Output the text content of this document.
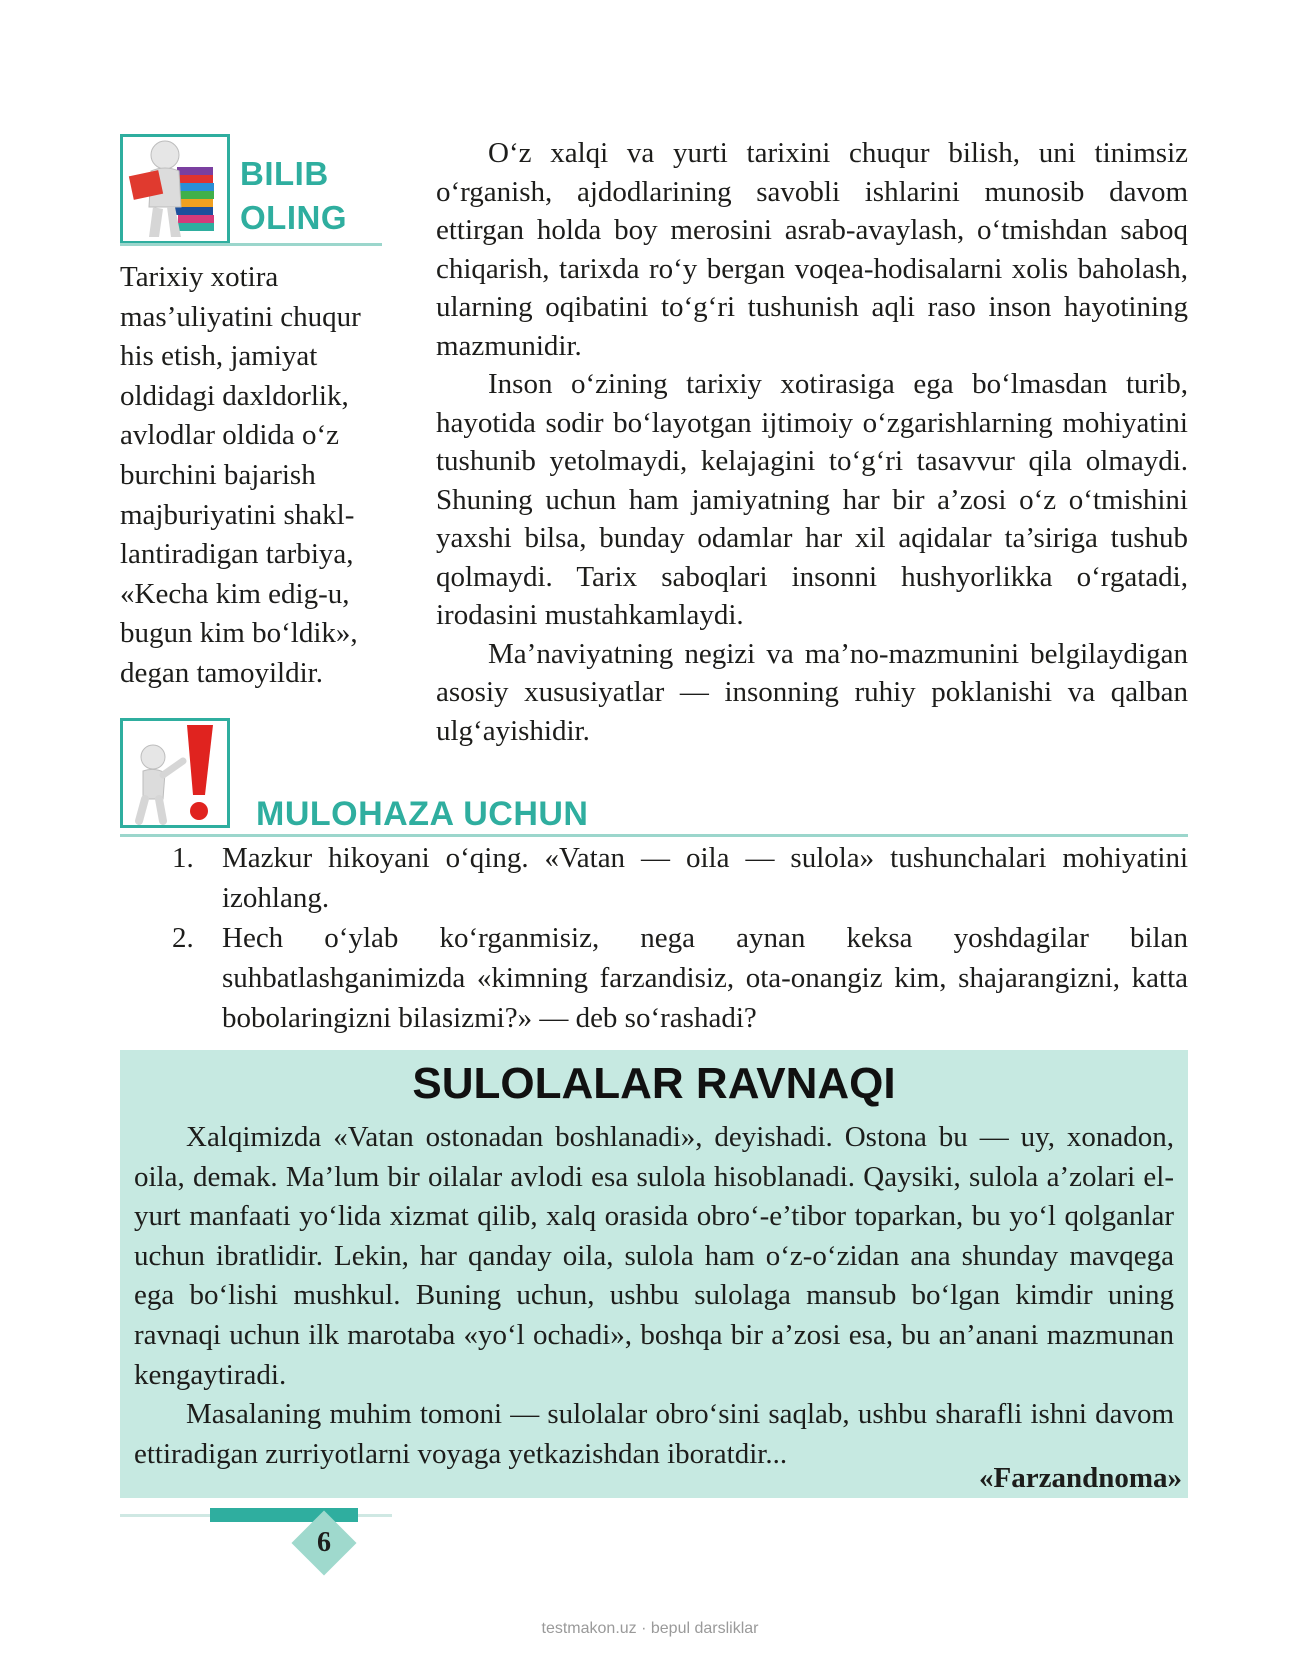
BILIB
OLING
Tarixiy xotira
mas’uliyatini chuqur
his etish, jamiyat
oldidagi daxldorlik,
avlodlar oldida o‘z
burchini bajarish
majburiyatini shakl-
lantiradigan tarbiya,
«Kecha kim edig-u,
bugun kim bo‘ldik»,
degan tamoyildir.

O‘z xalqi va yurti tarixini chuqur bilish, uni tinimsiz o‘rganish, ajdodlarining savobli ishlarini munosib davom ettirgan holda boy merosini asrab-avaylash, o‘tmishdan saboq chiqarish, tarixda ro‘y bergan voqea-hodisalarni xolis baholash, ularning oqibatini to‘g‘ri tushunish aqli raso inson hayotining mazmunidir.

Inson o‘zining tarixiy xotirasiga ega bo‘lmasdan turib, hayotida sodir bo‘layotgan ijtimoiy o‘zgarishlarning mohiyatini tushunib yetolmaydi, kelajagini to‘g‘ri tasavvur qila olmaydi. Shuning uchun ham jamiyatning har bir a’zosi o‘z o‘tmishini yaxshi bilsa, bunday odamlar har xil aqidalar ta’siriga tushub qolmaydi. Tarix saboqlari insonni hushyorlikka o‘rgatadi, irodasini mustahkamlaydi.

Ma’naviyatning negizi va ma’no-mazmunini belgilaydigan asosiy xususiyatlar — insonning ruhiy poklanishi va qalban ulg‘ayishidir.

MULOHAZA UCHUN
1. Mazkur hikoyani o‘qing. «Vatan — oila — sulola» tushunchalari mohiyatini izohlang.
2. Hech o‘ylab ko‘rganmisiz, nega aynan keksa yoshdagilar bilan suhbatlashganimizda «kimning farzandisiz, ota-onangiz kim, shajarangizni, katta bobolaringizni bilasizmi?» — deb so‘rashadi?
SULOLALAR RAVNAQI

Xalqimizda «Vatan ostonadan boshlanadi», deyishadi. Ostona bu — uy, xonadon, oila, demak. Ma’lum bir oilalar avlodi esa sulola hisoblanadi. Qaysiki, sulola a’zolari el-yurt manfaati yo‘lida xizmat qilib, xalq orasida obro‘-e’tibor toparkan, bu yo‘l qolganlar uchun ibratlidir. Lekin, har qanday oila, sulola ham o‘z-o‘zidan ana shunday mavqega ega bo‘lishi mushkul. Buning uchun, ushbu sulolaga mansub bo‘lgan kimdir uning ravnaqi uchun ilk marotaba «yo‘l ochadi», boshqa bir a’zosi esa, bu an’anani mazmunan kengaytiradi.

Masalaning muhim tomoni — sulolalar obro‘sini saqlab, ushbu sharafli ishni davom ettiradigan zurriyotlarni voyaga yetkazishdan iboratdir...

«Farzandnoma»
6
testmakon.uz · bepul darsliklar
